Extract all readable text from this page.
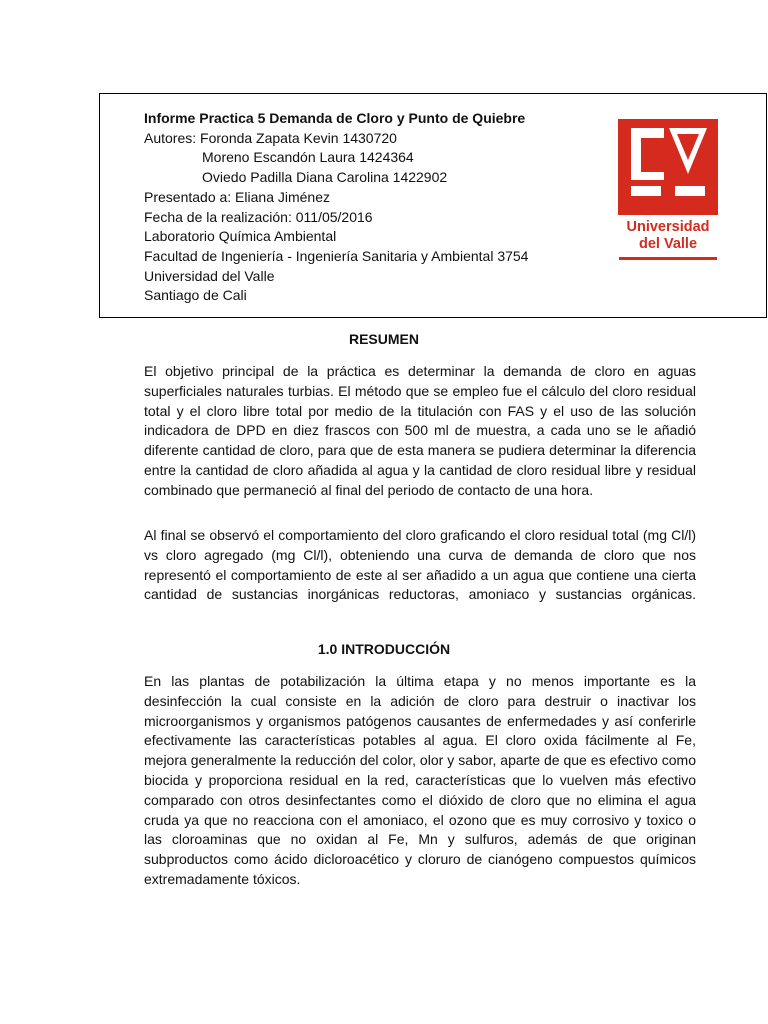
Informe Practica 5 Demanda de Cloro y Punto de Quiebre
Autores: Foronda Zapata Kevin 1430720
Moreno Escandón Laura 1424364
Oviedo Padilla Diana Carolina 1422902
Presentado a: Eliana Jiménez
Fecha de la realización: 011/05/2016
Laboratorio Química Ambiental
Facultad de Ingeniería - Ingeniería Sanitaria y Ambiental 3754
Universidad del Valle
Santiago de Cali
Universidad
del Valle
RESUMEN

El objetivo principal de la práctica es determinar la demanda de cloro en aguas superficiales naturales turbias. El método que se empleo fue el cálculo del cloro residual total y el cloro libre total por medio de la titulación con FAS y el uso de las solución indicadora de DPD en diez frascos con 500 ml de muestra, a cada uno se le añadió diferente cantidad de cloro, para que de esta manera se pudiera determinar la diferencia entre la cantidad de cloro añadida al agua y la cantidad de cloro residual libre y residual combinado que permaneció al final del periodo de contacto de una hora.

Al final se observó el comportamiento del cloro graficando el cloro residual total (mg Cl/l) vs cloro agregado (mg Cl/l), obteniendo una curva de demanda de cloro que nos representó el comportamiento de este al ser añadido a un agua que contiene una cierta cantidad de sustancias inorgánicas reductoras, amoniaco y sustancias orgánicas.

1.0 INTRODUCCIÓN

En las plantas de potabilización la última etapa y no menos importante es la desinfección la cual consiste en la adición de cloro para destruir o inactivar los microorganismos y organismos patógenos causantes de enfermedades y así conferirle efectivamente las características potables al agua. El cloro oxida fácilmente al Fe, mejora generalmente la reducción del color, olor y sabor, aparte de que es efectivo como biocida y proporciona residual en la red, características que lo vuelven más efectivo comparado con otros desinfectantes como el dióxido de cloro que no elimina el agua cruda ya que no reacciona con el amoniaco, el ozono que es muy corrosivo y toxico o las cloroaminas que no oxidan al Fe, Mn y sulfuros, además de que originan subproductos como ácido dicloroacético y cloruro de cianógeno compuestos químicos extremadamente tóxicos.
